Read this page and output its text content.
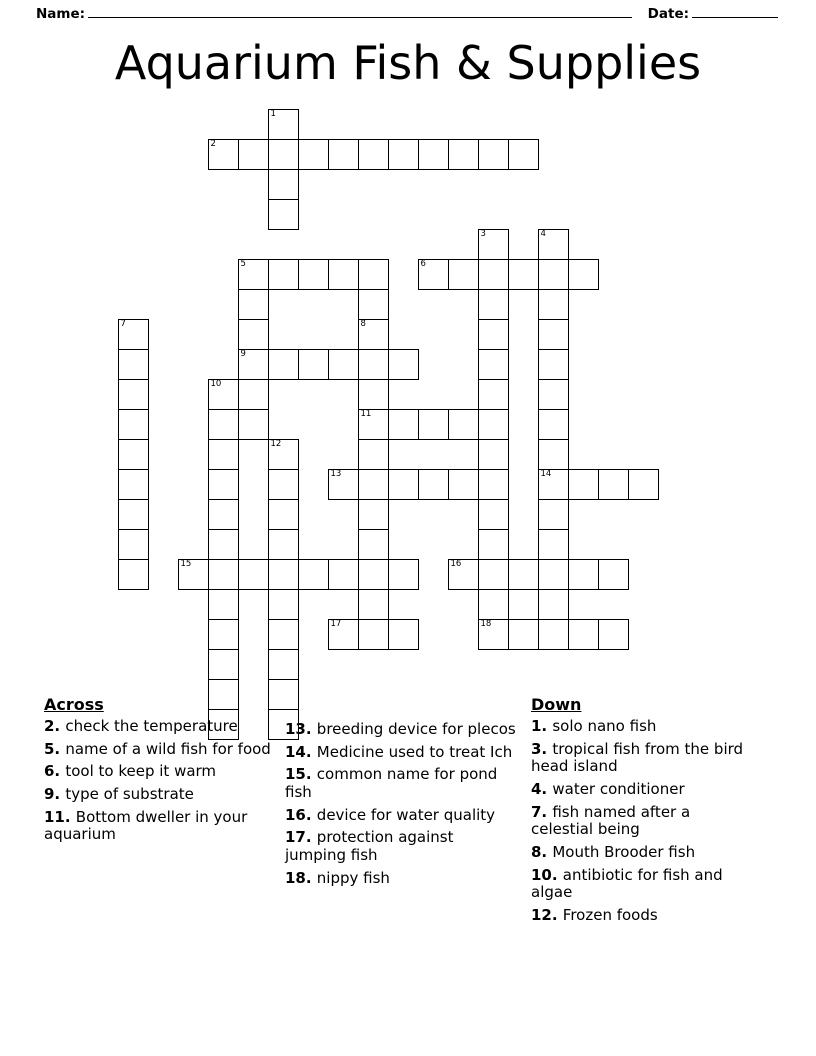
Name:	Date:
Aquarium Fish & Supplies
1
2
3	4
5	6
7	8
9
10
11
12
13	14
15	16
17	18
Across
2. check the temperature
5. name of a wild fish for food
6. tool to keep it warm
9. type of substrate
11. Bottom dweller in your aquarium
13. breeding device for plecos
14. Medicine used to treat Ich
15. common name for pond fish
16. device for water quality
17. protection against jumping fish
18. nippy fish
Down
1. solo nano fish
3. tropical fish from the bird head island
4. water conditioner
7. fish named after a celestial being
8. Mouth Brooder fish
10. antibiotic for fish and algae
12. Frozen foods
